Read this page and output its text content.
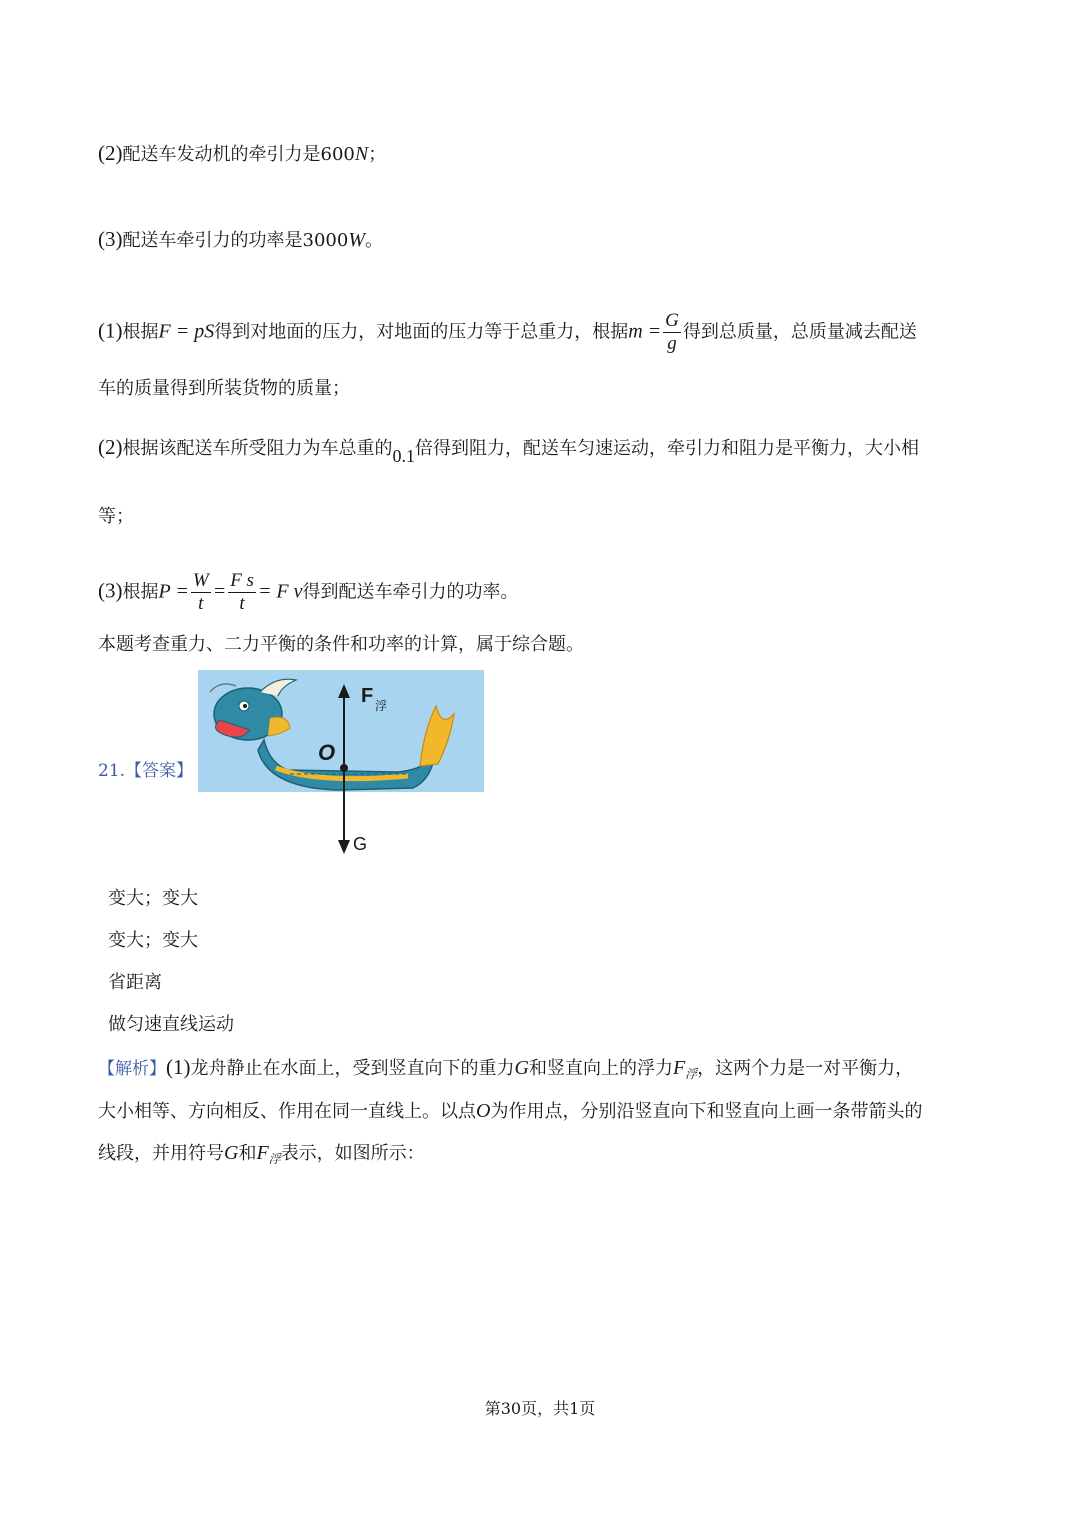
(2)配送车发动机的牵引力是600N；
(3)配送车牵引力的功率是3000W。
(1)根据F = pS得到对地面的压力，对地面的压力等于总重力，根据$m = \frac{G}{g}$ 得到总质量，总质量减去配送
车的质量得到所装货物的质量；
(2)根据该配送车所受阻力为车总重的0.1倍得到阻力，配送车匀速运动，牵引力和阻力是平衡力，大小相
等；
(3)根据$P = \frac{W}{t} = \frac{\text{F s}}{t} = F$ v得到配送车牵引力的功率。
本题考查重力、二力平衡的条件和功率的计算，属于综合题。
21.【答案】
F 浮
O
G
变大；变大
变大；变大
省距离
做匀速直线运动
【解析】(1)龙舟静止在水面上，受到竖直向下的重力G和竖直向上的浮力$F_浮$，这两个力是一对平衡力，
大小相等、方向相反、作用在同一直线上。以点O为作用点，分别沿竖直向下和竖直向上画一条带箭头的
线段，并用符号G和$F_浮$表示，如图所示：
第30页，共1页
